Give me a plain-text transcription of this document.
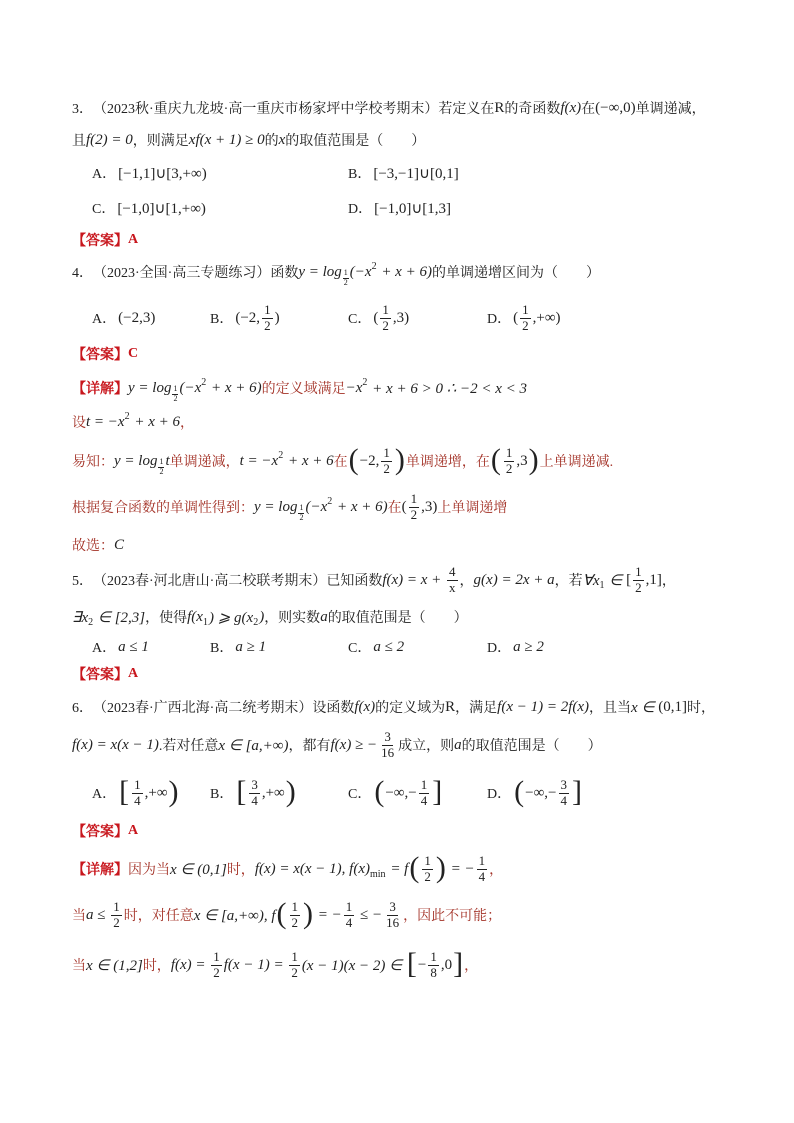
3． （2023秋·重庆九龙坡·高一重庆市杨家坪中学校考期末） 若定义在 R 的奇函数 f(x) 在 (−∞,0) 单调递减，
且 f(2) = 0 ，则满足 xf(x + 1) ≥ 0 的 x 的取值范围是（　　）
A． [−1,1]∪[3,+∞)	B． [−3,−1]∪[0,1]
C． [−1,0]∪[1,+∞)	D． [−1,0]∪[1,3]
【答案】 A
4． （2023·全国·高三专题练习） 函数 $y = \log \frac{1}{2} (-x$ 2 + x + 6) 的单调递增区间为（　　）
A． (−2,3)	B． (−2, $\frac{1}{2}$ )	C． ( $\frac{1}{2} ,3$)	D． ( $\frac{1}{2}$ ,+∞)
【答案】 C
【详解】 $y = \log \frac{1}{2} (-x$ 2 + x + 6) 的定义域满足 −x 2 + x + 6 > 0 ∴ −2 < x < 3
设 t = −x 2 + x + 6 ，
易知： $y = \log \frac{1}{2}$ t 单调递减， t = −x 2 + x + 6 在 ( −2, $\frac{1}{2}$ ) 单调递增，在 ( $\frac{1}{2} ,3$ ) 上单调递减.
根据复合函数的单调性得到： $y = \log \frac{1}{2} (-x$ 2 + x + 6) 在 ( $\frac{1}{2} ,3$) 上单调递增
故选： C
5． （2023春·河北唐山·高二校联考期末） 已知函数 $f(x) = x + \frac{4}{x}$ ， g(x) = 2x + a ，若 ∀x 1 ∈ [ $\frac{1}{2} ,1$] ，
∃x 2 ∈ [2,3] ，使得 f(x 1 ) ⩾ g(x 2 ) ，则实数 a 的取值范围是（　　）
A． a ≤ 1	B． a ≥ 1	C． a ≤ 2	D． a ≥ 2
【答案】 A
6． （2023春·广西北海·高二统考期末） 设函数 f(x) 的定义域为 R ，满足 f(x − 1) = 2f(x) ，且当 x ∈ (0,1] 时，
f(x) = x(x − 1) .若对任意 x ∈ [a,+∞) ，都有 f(x) ≥ − $\frac{3}{16}$ 成立，则 a 的取值范围是（　　）
A． [ $\frac{1}{4}$ ,+∞ ) B． [ $\frac{3}{4}$ ,+∞ )	C． ( −∞,− $\frac{1}{4}$ ]	D． ( −∞,− $\frac{3}{4}$ ]
【答案】 A
【详解】 因为当 x ∈ (0,1] 时， f(x) = x(x − 1), f(x) min = f ( $\frac{1}{2}$ ) = − $\frac{1}{4}$ ，
当 $a \le \frac{1}{2}$ 时，对任意 x ∈ [a,+∞), f ( $\frac{1}{2}$ ) = − $\frac{1}{4}$ ≤ − $\frac{3}{16}$ ，因此不可能；
当 x ∈ (1,2] 时， $f(x) = \frac{1}{2} f(x - 1) = \frac{1}{2} (x - 1)(x - 2)$ ∈ [ − $\frac{1}{8} ,0$ ] ，
